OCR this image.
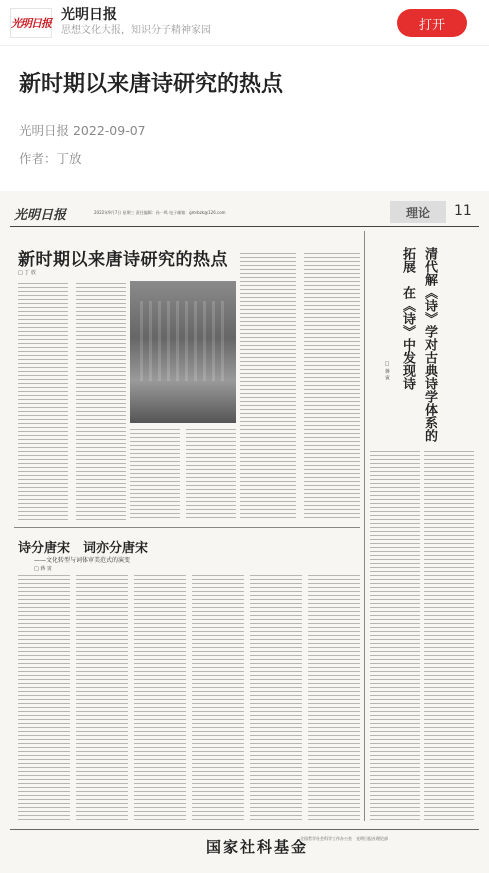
光明日报 光明日报
思想文化大报，知识分子精神家园	打开
新时期以来唐诗研究的热点
光明日报 2022-09-07
作者：丁放
光明日报	2022年9月7日 星期三 责任编辑：孙一鸣 电子邮箱：gmrbzk@126.com	理论	11
新时期以来唐诗研究的热点
□ 丁 放	清代解《诗》学对古典诗学体系的拓展　在《诗》中发现诗
□ 蒋 寅
诗分唐宋　词亦分唐宋
——文化转型与词体审美范式的演变
□ 蒋 寅
国家社科基金
全国哲学社会科学工作办公室　光明日报社理论部
